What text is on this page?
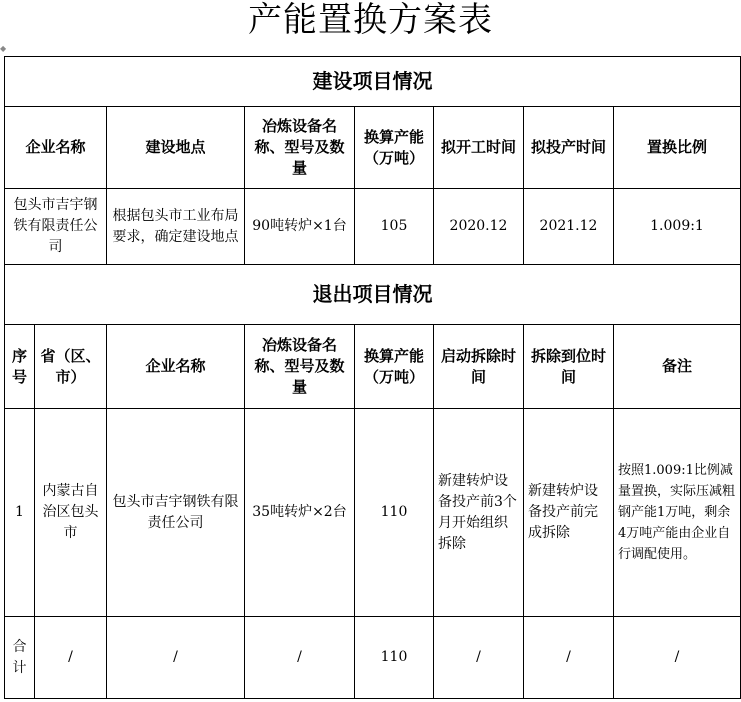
产能置换方案表
◆
建设项目情况							
企业名称		建设地点	冶炼设备名称、型号及数量	换算产能（万吨）	拟开工时间	拟投产时间	置换比例
包头市吉宇钢铁有限责任公司		根据包头市工业布局要求，确定建设地点	90吨转炉×1台	105	2020.12	2021.12	1.009:1
退出项目情况							
序号	省（区、市）	企业名称	冶炼设备名称、型号及数量	换算产能（万吨）	启动拆除时间	拆除到位时间	备注
1	内蒙古自治区包头市	包头市吉宇钢铁有限责任公司	35吨转炉×2台	110	新建转炉设备投产前3个月开始组织拆除	新建转炉设备投产前完成拆除	按照1.009:1比例减量置换，实际压减粗钢产能1万吨，剩余4万吨产能由企业自行调配使用。
合计	/	/	/	110	/	/	/
